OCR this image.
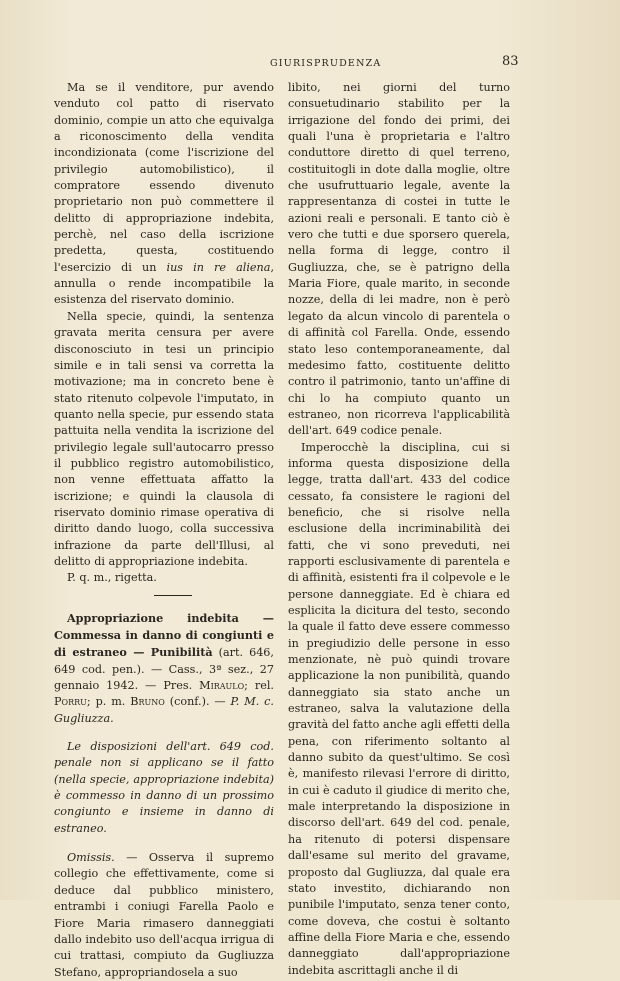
GIURISPRUDENZA	83

Ma se il venditore, pur avendo venduto col patto di riservato dominio, compie un atto che equivalga a riconoscimento della vendita incondizionata (come l'iscrizione del privilegio automobilistico), il compratore essendo divenuto proprietario non può commettere il delitto di appropriazione indebita, perchè, nel caso della iscrizione predetta, questa, costituendo l'esercizio di un ius in re aliena, annulla o rende incompatibile la esistenza del riservato dominio.

Nella specie, quindi, la sentenza gravata merita censura per avere disconosciuto in tesi un principio simile e in tali sensi va corretta la motivazione; ma in concreto bene è stato ritenuto colpevole l'imputato, in quanto nella specie, pur essendo stata pattuita nella vendita la iscrizione del privilegio legale sull'autocarro presso il pubblico registro automobilistico, non venne effettuata affatto la iscrizione; e quindi la clausola di riservato dominio rimase operativa di diritto dando luogo, colla successiva infrazione da parte dell'Illusi, al delitto di appropriazione indebita.

P. q. m., rigetta.

Appropriazione indebita — Commessa in danno di congiunti e di estraneo — Punibilità (art. 646, 649 cod. pen.). — Cass., 3ª sez., 27 gennaio 1942. — Pres. Miraulo; rel. Porru; p. m. Bruno (conf.). — P. M. c. Gugliuzza.

Le disposizioni dell'art. 649 cod. penale non si applicano se il fatto (nella specie, appropriazione indebita) è commesso in danno di un prossimo congiunto e insieme in danno di estraneo.

Omissis. — Osserva il supremo collegio che effettivamente, come si deduce dal pubblico ministero, entrambi i coniugi Farella Paolo e Fiore Maria rimasero danneggiati dallo indebito uso dell'acqua irrigua di cui trattasi, compiuto da Gugliuzza Stefano, appropriandosela a suo

libito, nei giorni del turno consuetudinario stabilito per la irrigazione del fondo dei primi, dei quali l'una è proprietaria e l'altro conduttore diretto di quel terreno, costituitogli in dote dalla moglie, oltre che usufruttuario legale, avente la rappresentanza di costei in tutte le azioni reali e personali. E tanto ciò è vero che tutti e due sporsero querela, nella forma di legge, contro il Gugliuzza, che, se è patrigno della Maria Fiore, quale marito, in seconde nozze, della di lei madre, non è però legato da alcun vincolo di parentela o di affinità col Farella. Onde, essendo stato leso contemporaneamente, dal medesimo fatto, costituente delitto contro il patrimonio, tanto un'affine di chi lo ha compiuto quanto un estraneo, non ricorreva l'applicabilità dell'art. 649 codice penale.

Imperocchè la disciplina, cui si informa questa disposizione della legge, tratta dall'art. 433 del codice cessato, fa consistere le ragioni del beneficio, che si risolve nella esclusione della incriminabilità dei fatti, che vi sono preveduti, nei rapporti esclusivamente di parentela e di affinità, esistenti fra il colpevole e le persone danneggiate. Ed è chiara ed esplicita la dicitura del testo, secondo la quale il fatto deve essere commesso in pregiudizio delle persone in esso menzionate, nè può quindi trovare applicazione la non punibilità, quando danneggiato sia stato anche un estraneo, salva la valutazione della gravità del fatto anche agli effetti della pena, con riferimento soltanto al danno subito da quest'ultimo. Se così è, manifesto rilevasi l'errore di diritto, in cui è caduto il giudice di merito che, male interpretando la disposizione in discorso dell'art. 649 del cod. penale, ha ritenuto di potersi dispensare dall'esame sul merito del gravame, proposto dal Gugliuzza, dal quale era stato investito, dichiarando non punibile l'imputato, senza tener conto, come doveva, che costui è soltanto affine della Fiore Maria e che, essendo danneggiato dall'appropriazione indebita ascrittagli anche il di
